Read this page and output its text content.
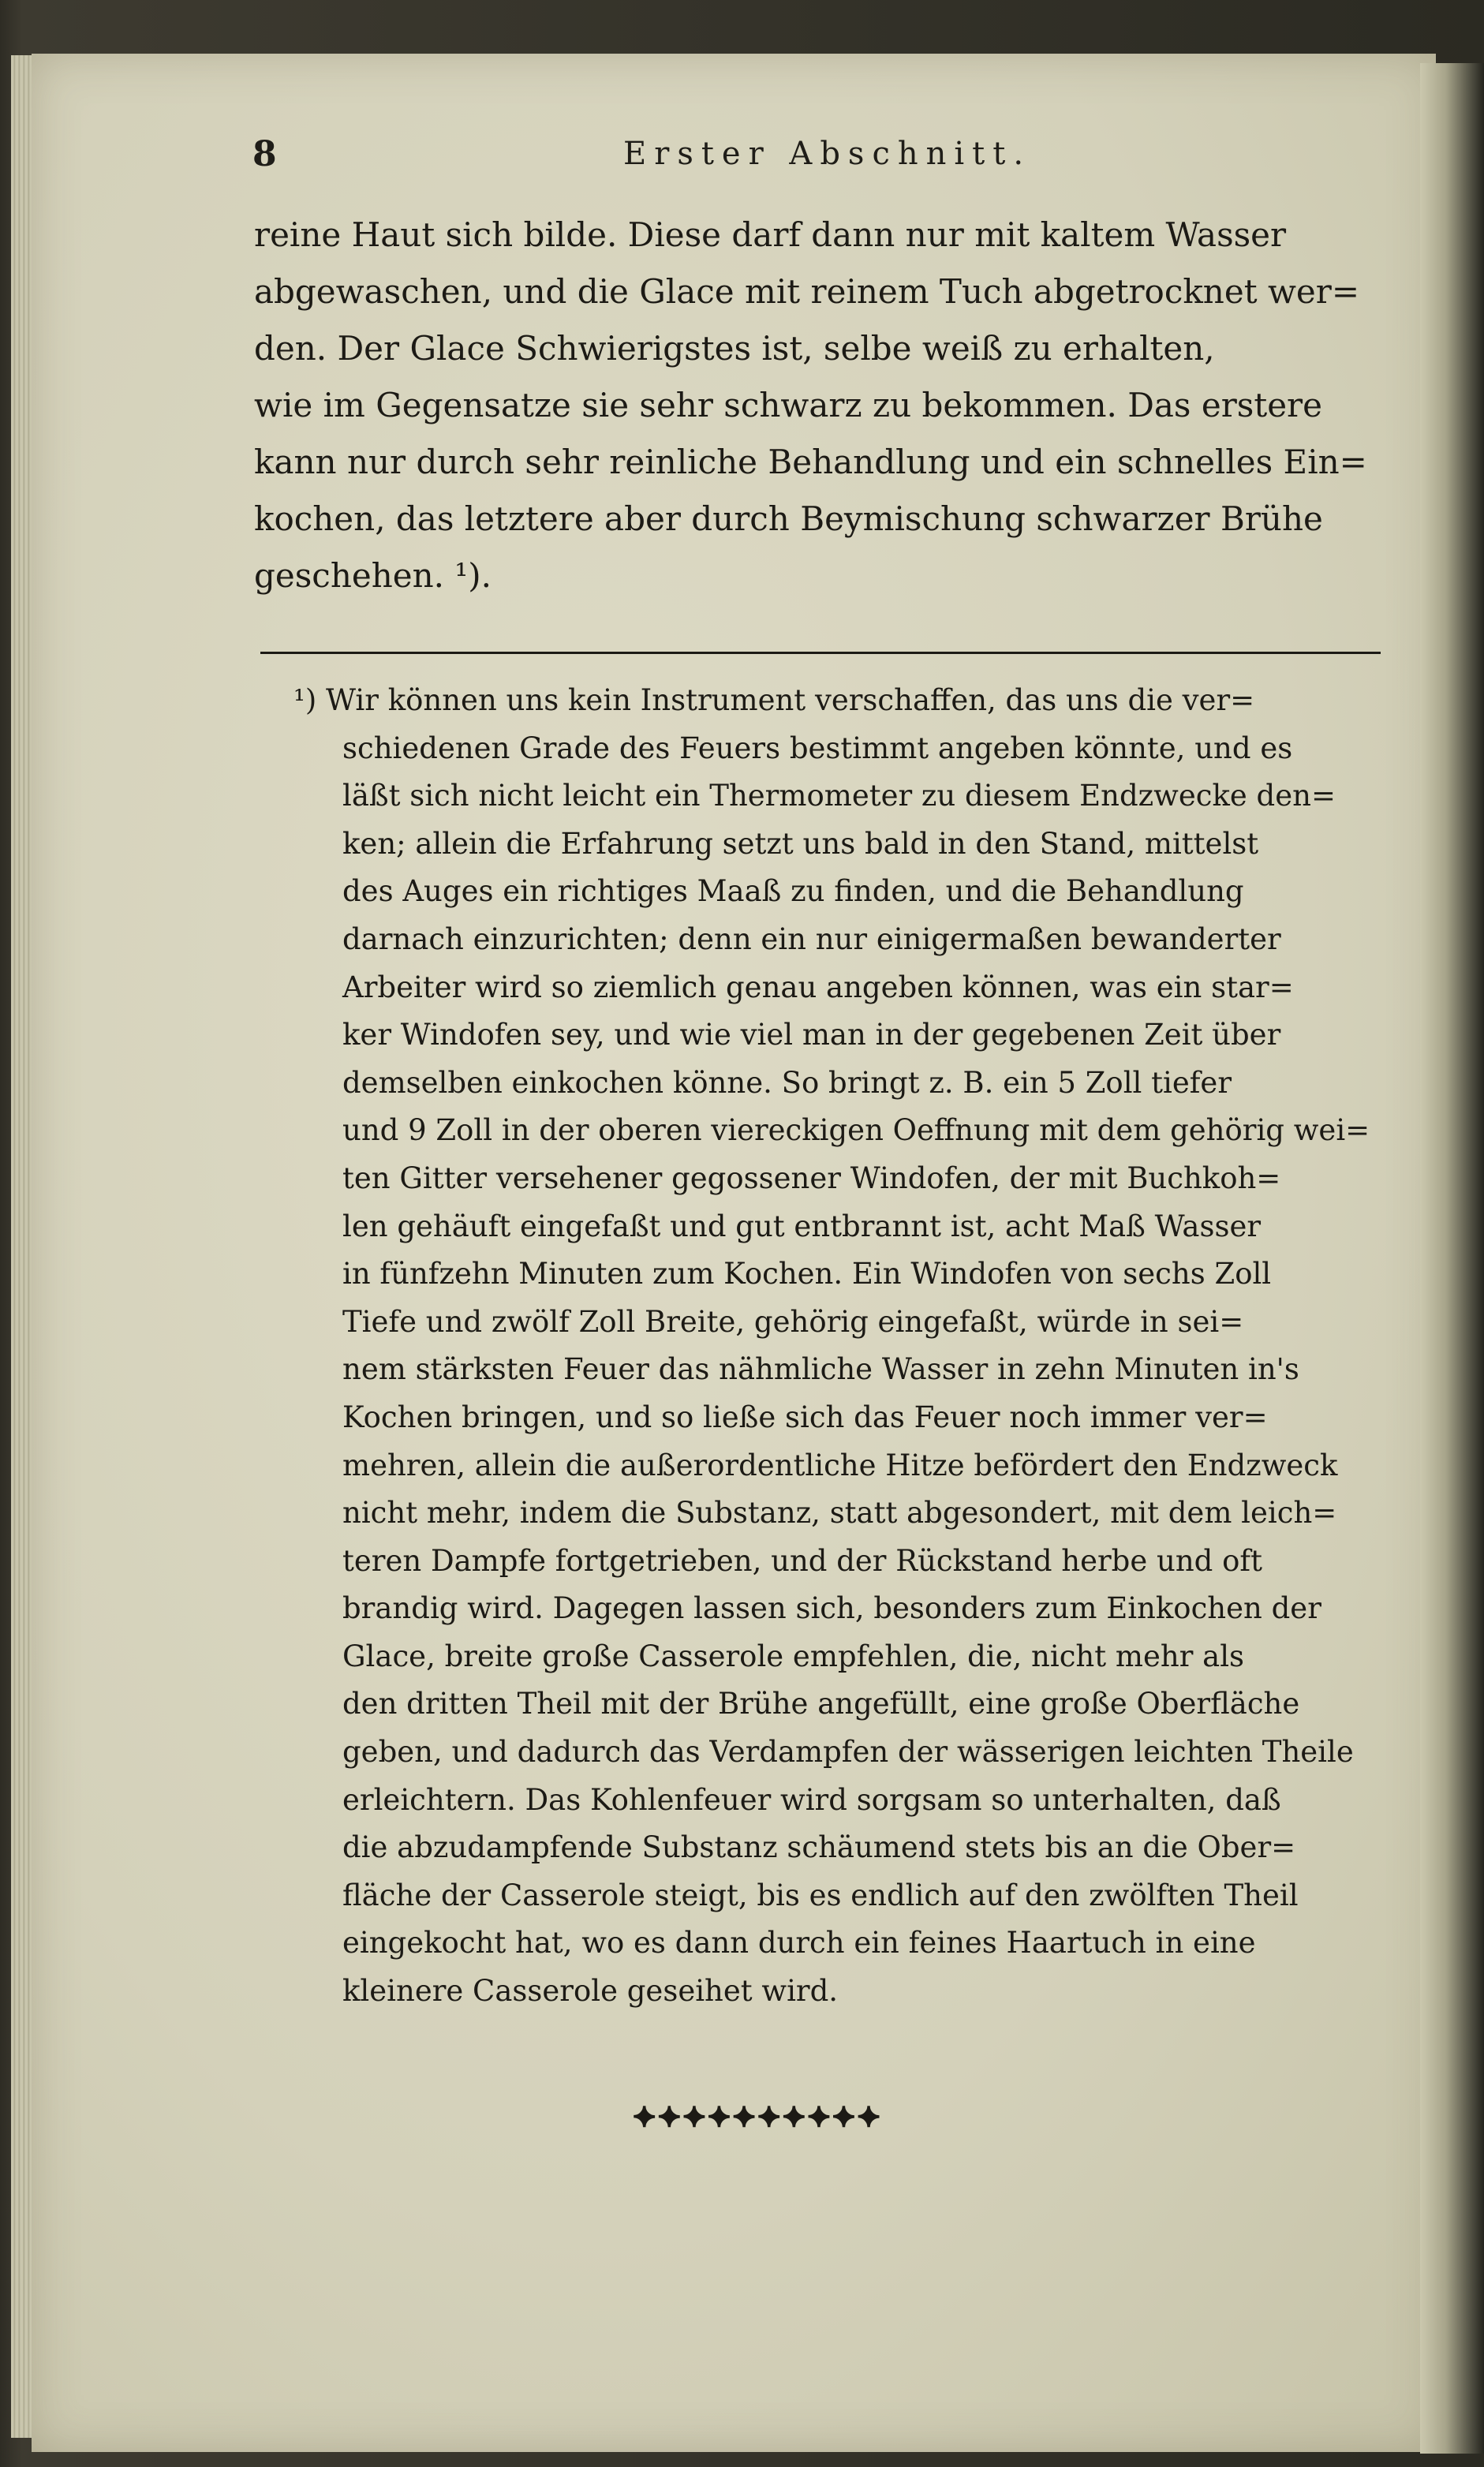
8	Erster Abschnitt.
reine Haut sich bilde. Diese darf dann nur mit kaltem Wasser
abgewaschen, und die Glace mit reinem Tuch abgetrocknet wer=
den. Der Glace Schwierigstes ist, selbe weiß zu erhalten,
wie im Gegensatze sie sehr schwarz zu bekommen. Das erstere
kann nur durch sehr reinliche Behandlung und ein schnelles Ein=
kochen, das letztere aber durch Beymischung schwarzer Brühe
geschehen. ¹).
¹) Wir können uns kein Instrument verschaffen, das uns die ver=
schiedenen Grade des Feuers bestimmt angeben könnte, und es
läßt sich nicht leicht ein Thermometer zu diesem Endzwecke den=
ken; allein die Erfahrung setzt uns bald in den Stand, mittelst
des Auges ein richtiges Maaß zu finden, und die Behandlung
darnach einzurichten; denn ein nur einigermaßen bewanderter
Arbeiter wird so ziemlich genau angeben können, was ein star=
ker Windofen sey, und wie viel man in der gegebenen Zeit über
demselben einkochen könne. So bringt z. B. ein 5 Zoll tiefer
und 9 Zoll in der oberen viereckigen Oeffnung mit dem gehörig wei=
ten Gitter versehener gegossener Windofen, der mit Buchkoh=
len gehäuft eingefaßt und gut entbrannt ist, acht Maß Wasser
in fünfzehn Minuten zum Kochen. Ein Windofen von sechs Zoll
Tiefe und zwölf Zoll Breite, gehörig eingefaßt, würde in sei=
nem stärksten Feuer das nähmliche Wasser in zehn Minuten in's
Kochen bringen, und so ließe sich das Feuer noch immer ver=
mehren, allein die außerordentliche Hitze befördert den Endzweck
nicht mehr, indem die Substanz, statt abgesondert, mit dem leich=
teren Dampfe fortgetrieben, und der Rückstand herbe und oft
brandig wird. Dagegen lassen sich, besonders zum Einkochen der
Glace, breite große Casserole empfehlen, die, nicht mehr als
den dritten Theil mit der Brühe angefüllt, eine große Oberfläche
geben, und dadurch das Verdampfen der wässerigen leichten Theile
erleichtern. Das Kohlenfeuer wird sorgsam so unterhalten, daß
die abzudampfende Substanz schäumend stets bis an die Ober=
fläche der Casserole steigt, bis es endlich auf den zwölften Theil
eingekocht hat, wo es dann durch ein feines Haartuch in eine
kleinere Casserole geseihet wird.
⯌⯌⯌⯌⯌⯌⯌⯌⯌⯌
